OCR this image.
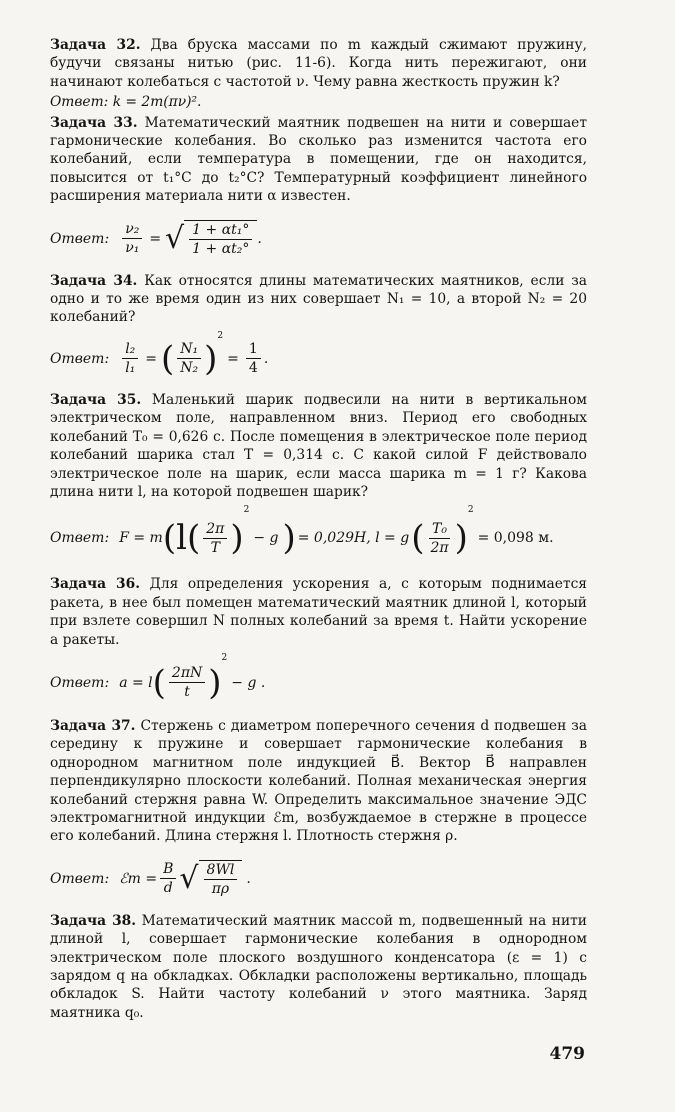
Задача 32. Два бруска массами по m каждый сжимают пружину, будучи связаны нитью (рис. 11-6). Когда нить пережигают, они начинают колебаться с частотой ν. Чему равна жесткость пружин k?

Ответ: k = 2m(πν)².

Задача 33. Математический маятник подвешен на нити и совершает гармонические колебания. Во сколько раз изменится частота его колебаний, если температура в помещении, где он находится, повысится от t₁°C до t₂°C? Температурный коэффициент линейного расширения материала нити α известен.

Ответ: $\frac{\text{ν₂}}{\text{ν₁}}$ = √ $\frac{\text{1 + αt₁°}}{\text{1 + αt₂°}}$ .

Задача 34. Как относятся длины математических маятников, если за одно и то же время один из них совершает N₁ = 10, а второй N₂ = 20 колебаний?

Ответ: $\frac{\text{l₂}}{\text{l₁}}$ = ( $\frac{\text{N₁}}{\text{N₂}}$ )
2
= $\frac{1}{4}$ .

Задача 35. Маленький шарик подвесили на нити в вертикальном электрическом поле, направленном вниз. Период его свободных колебаний T₀ = 0,626 с. После помещения в электрическое поле период колебаний шарика стал T = 0,314 с. С какой силой F действовало электрическое поле на шарик, если масса шарика m = 1 г? Какова длина нити l, на которой подвешен шарик?

Ответ: F = m ( $l( \frac{2\pi}{T}$ )
2
− g ) = 0,029H, l = g ( $\frac{\text{T₀}}{2\pi}$ )
2
= 0,098 м.

Задача 36. Для определения ускорения a, с которым поднимается ракета, в нее был помещен математический маятник длиной l, который при взлете совершил N полных колебаний за время t. Найти ускорение a ракеты.

Ответ: a = l ( $\frac{2\pi N}{t}$ )
2
− g .

Задача 37. Стержень с диаметром поперечного сечения d подвешен за середину к пружине и совершает гармонические колебания в однородном магнитном поле индукцией B⃗. Вектор B⃗ направлен перпендикулярно плоскости колебаний. Полная механическая энергия колебаний стержня равна W. Определить максимальное значение ЭДС электромагнитной индукции ℰm, возбуждаемое в стержне в процессе его колебаний. Длина стержня l. Плотность стержня ρ.

Ответ: ℰm = $\frac{B}{d}$ √ $\frac{8Wl}{\pi\rho}$ .

Задача 38. Математический маятник массой m, подвешенный на нити длиной l, совершает гармонические колебания в однородном электрическом поле плоского воздушного конденсатора (ε = 1) с зарядом q на обкладках. Обкладки расположены вертикально, площадь обкладок S. Найти частоту колебаний ν этого маятника. Заряд маятника q₀.

479
